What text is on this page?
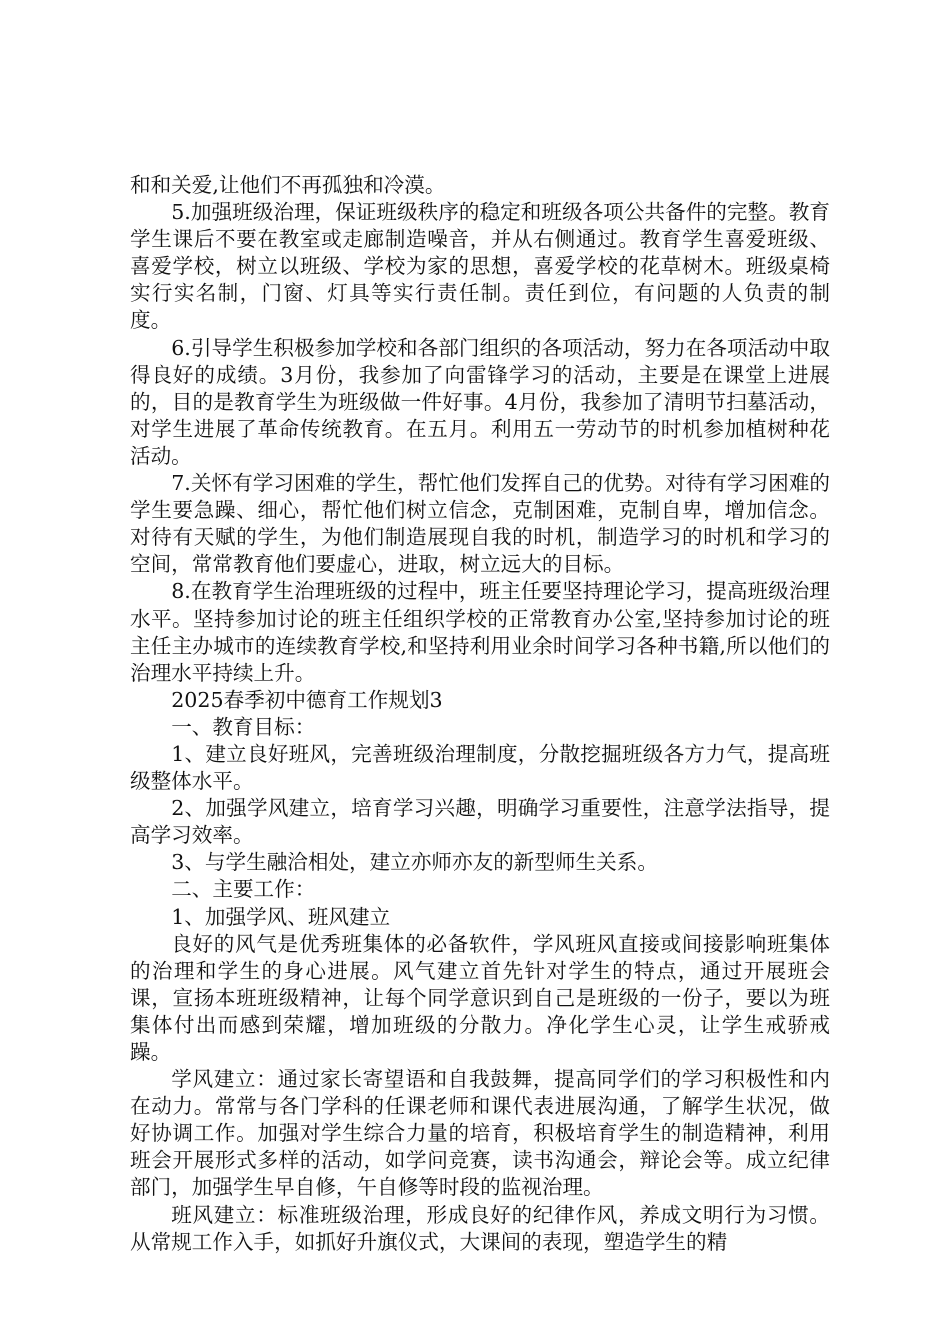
和和关爱,让他们不再孤独和冷漠。

5.加强班级治理，保证班级秩序的稳定和班级各项公共备件的完整。教育学生课后不要在教室或走廊制造噪音，并从右侧通过。教育学生喜爱班级、喜爱学校，树立以班级、学校为家的思想，喜爱学校的花草树木。班级桌椅实行实名制，门窗、灯具等实行责任制。责任到位，有问题的人负责的制度。

6.引导学生积极参加学校和各部门组织的各项活动，努力在各项活动中取得良好的成绩。3月份，我参加了向雷锋学习的活动，主要是在课堂上进展的，目的是教育学生为班级做一件好事。4月份，我参加了清明节扫墓活动，对学生进展了革命传统教育。在五月。利用五一劳动节的时机参加植树种花活动。

7.关怀有学习困难的学生，帮忙他们发挥自己的优势。对待有学习困难的学生要急躁、细心，帮忙他们树立信念，克制困难，克制自卑，增加信念。对待有天赋的学生，为他们制造展现自我的时机，制造学习的时机和学习的空间，常常教育他们要虚心，进取，树立远大的目标。

8.在教育学生治理班级的过程中，班主任要坚持理论学习，提高班级治理水平。坚持参加讨论的班主任组织学校的正常教育办公室,坚持参加讨论的班主任主办城市的连续教育学校,和坚持利用业余时间学习各种书籍,所以他们的治理水平持续上升。

2025春季初中德育工作规划3

一、教育目标：

1、建立良好班风，完善班级治理制度，分散挖掘班级各方力气，提高班级整体水平。

2、加强学风建立，培育学习兴趣，明确学习重要性，注意学法指导，提高学习效率。

3、与学生融洽相处，建立亦师亦友的新型师生关系。

二、主要工作：

1、加强学风、班风建立

良好的风气是优秀班集体的必备软件，学风班风直接或间接影响班集体的治理和学生的身心进展。风气建立首先针对学生的特点，通过开展班会课，宣扬本班班级精神，让每个同学意识到自己是班级的一份子，要以为班集体付出而感到荣耀，增加班级的分散力。净化学生心灵，让学生戒骄戒躁。

学风建立：通过家长寄望语和自我鼓舞，提高同学们的学习积极性和内在动力。常常与各门学科的任课老师和课代表进展沟通，了解学生状况，做好协调工作。加强对学生综合力量的培育，积极培育学生的制造精神，利用班会开展形式多样的活动，如学问竞赛，读书沟通会，辩论会等。成立纪律部门，加强学生早自修，午自修等时段的监视治理。

班风建立：标准班级治理，形成良好的纪律作风，养成文明行为习惯。从常规工作入手，如抓好升旗仪式，大课间的表现，塑造学生的精
